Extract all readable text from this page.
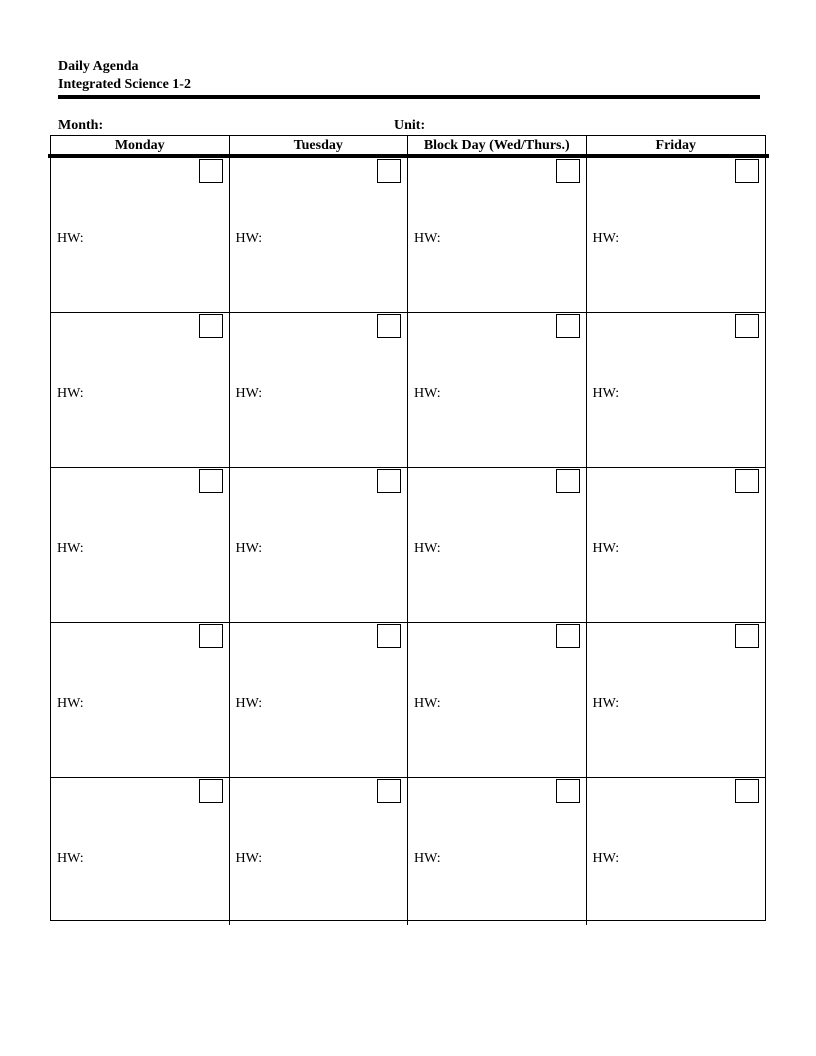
Daily Agenda
Integrated Science 1-2
Month:	Unit:
Monday	Tuesday	Block Day (Wed/Thurs.)	Friday
HW:	HW:	HW:	HW:
HW:	HW:	HW:	HW:
HW:	HW:	HW:	HW:
HW:	HW:	HW:	HW:
HW:	HW:	HW:	HW:
